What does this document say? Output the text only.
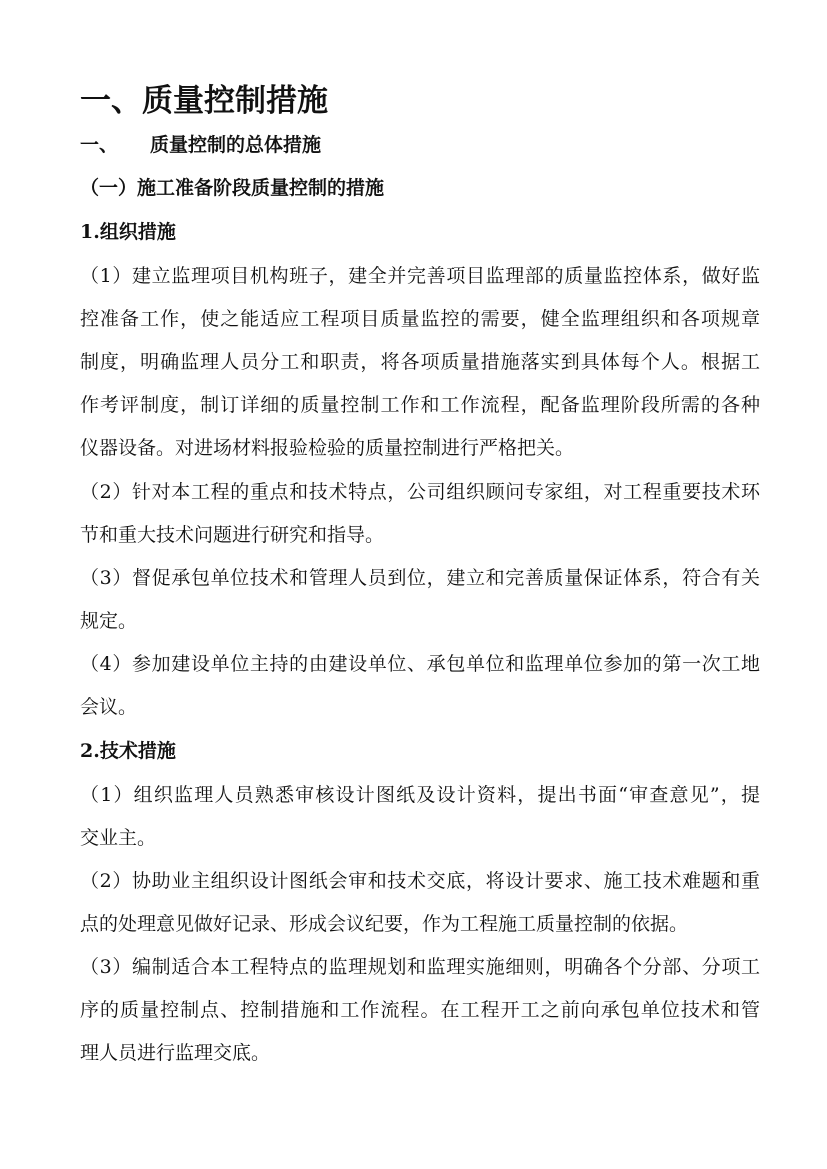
一、质量控制措施
一、 质量控制的总体措施
（一）施工准备阶段质量控制的措施
1.组织措施
（1）建立监理项目机构班子，建全并完善项目监理部的质量监控体系，做好监
控准备工作，使之能适应工程项目质量监控的需要，健全监理组织和各项规章
制度，明确监理人员分工和职责，将各项质量措施落实到具体每个人。根据工
作考评制度，制订详细的质量控制工作和工作流程，配备监理阶段所需的各种
仪器设备。对进场材料报验检验的质量控制进行严格把关。
（2）针对本工程的重点和技术特点，公司组织顾问专家组，对工程重要技术环
节和重大技术问题进行研究和指导。
（3）督促承包单位技术和管理人员到位，建立和完善质量保证体系，符合有关
规定。
（4）参加建设单位主持的由建设单位、承包单位和监理单位参加的第一次工地
会议。
2.技术措施
（1）组织监理人员熟悉审核设计图纸及设计资料，提出书面“审查意见”，提
交业主。
（2）协助业主组织设计图纸会审和技术交底，将设计要求、施工技术难题和重
点的处理意见做好记录、形成会议纪要，作为工程施工质量控制的依据。
（3）编制适合本工程特点的监理规划和监理实施细则，明确各个分部、分项工
序的质量控制点、控制措施和工作流程。在工程开工之前向承包单位技术和管
理人员进行监理交底。
